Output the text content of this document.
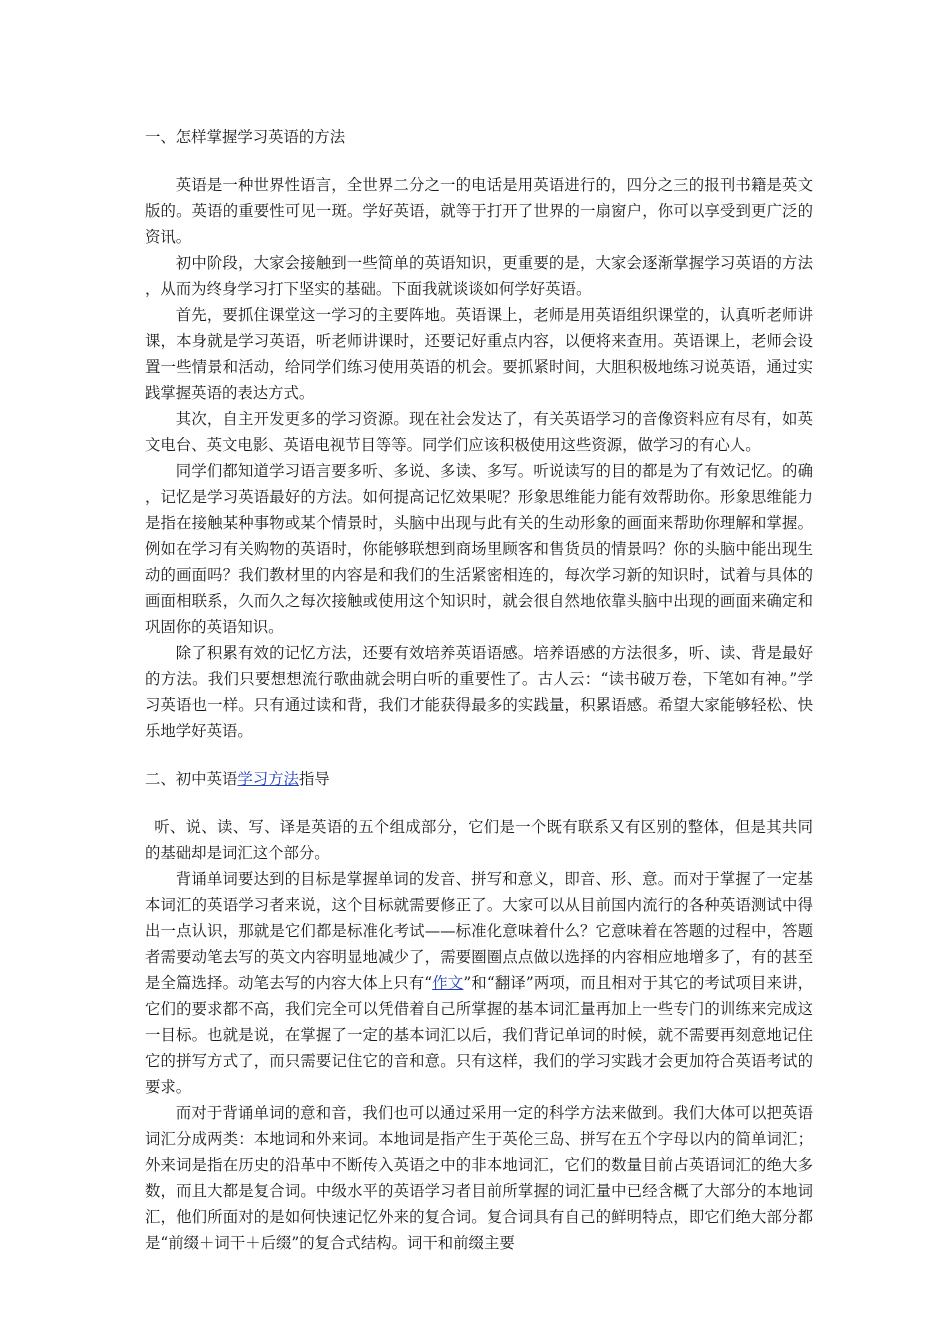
一、怎样掌握学习英语的方法

英语是一种世界性语言，全世界二分之一的电话是用英语进行的，四分之三的报刊书籍是英文版的。英语的重要性可见一斑。学好英语，就等于打开了世界的一扇窗户，你可以享受到更广泛的资讯。

初中阶段，大家会接触到一些简单的英语知识，更重要的是，大家会逐渐掌握学习英语的方法，从而为终身学习打下坚实的基础。下面我就谈谈如何学好英语。

首先，要抓住课堂这一学习的主要阵地。英语课上，老师是用英语组织课堂的，认真听老师讲课，本身就是学习英语，听老师讲课时，还要记好重点内容，以便将来查用。英语课上，老师会设置一些情景和活动，给同学们练习使用英语的机会。要抓紧时间，大胆积极地练习说英语，通过实践掌握英语的表达方式。

其次，自主开发更多的学习资源。现在社会发达了，有关英语学习的音像资料应有尽有，如英文电台、英文电影、英语电视节目等等。同学们应该积极使用这些资源，做学习的有心人。

同学们都知道学习语言要多听、多说、多读、多写。听说读写的目的都是为了有效记忆。的确，记忆是学习英语最好的方法。如何提高记忆效果呢？形象思维能力能有效帮助你。形象思维能力是指在接触某种事物或某个情景时，头脑中出现与此有关的生动形象的画面来帮助你理解和掌握。例如在学习有关购物的英语时，你能够联想到商场里顾客和售货员的情景吗？你的头脑中能出现生动的画面吗？我们教材里的内容是和我们的生活紧密相连的，每次学习新的知识时，试着与具体的画面相联系，久而久之每次接触或使用这个知识时，就会很自然地依靠头脑中出现的画面来确定和巩固你的英语知识。

除了积累有效的记忆方法，还要有效培养英语语感。培养语感的方法很多，听、读、背是最好的方法。我们只要想想流行歌曲就会明白听的重要性了。古人云：“读书破万卷，下笔如有神。”学习英语也一样。只有通过读和背，我们才能获得最多的实践量，积累语感。希望大家能够轻松、快乐地学好英语。

二、初中英语学习方法指导

听、说、读、写、译是英语的五个组成部分，它们是一个既有联系又有区别的整体，但是其共同的基础却是词汇这个部分。

背诵单词要达到的目标是掌握单词的发音、拼写和意义，即音、形、意。而对于掌握了一定基本词汇的英语学习者来说，这个目标就需要修正了。大家可以从目前国内流行的各种英语测试中得出一点认识，那就是它们都是标准化考试——标准化意味着什么？它意味着在答题的过程中，答题者需要动笔去写的英文内容明显地减少了，需要圈圈点点做以选择的内容相应地增多了，有的甚至是全篇选择。动笔去写的内容大体上只有“作文”和“翻译”两项，而且相对于其它的考试项目来讲，它们的要求都不高，我们完全可以凭借着自己所掌握的基本词汇量再加上一些专门的训练来完成这一目标。也就是说，在掌握了一定的基本词汇以后，我们背记单词的时候，就不需要再刻意地记住它的拼写方式了，而只需要记住它的音和意。只有这样，我们的学习实践才会更加符合英语考试的要求。

而对于背诵单词的意和音，我们也可以通过采用一定的科学方法来做到。我们大体可以把英语词汇分成两类：本地词和外来词。本地词是指产生于英伦三岛、拼写在五个字母以内的简单词汇；外来词是指在历史的沿革中不断传入英语之中的非本地词汇，它们的数量目前占英语词汇的绝大多数，而且大都是复合词。中级水平的英语学习者目前所掌握的词汇量中已经含概了大部分的本地词汇，他们所面对的是如何快速记忆外来的复合词。复合词具有自己的鲜明特点，即它们绝大部分都是“前缀＋词干＋后缀”的复合式结构。词干和前缀主要
